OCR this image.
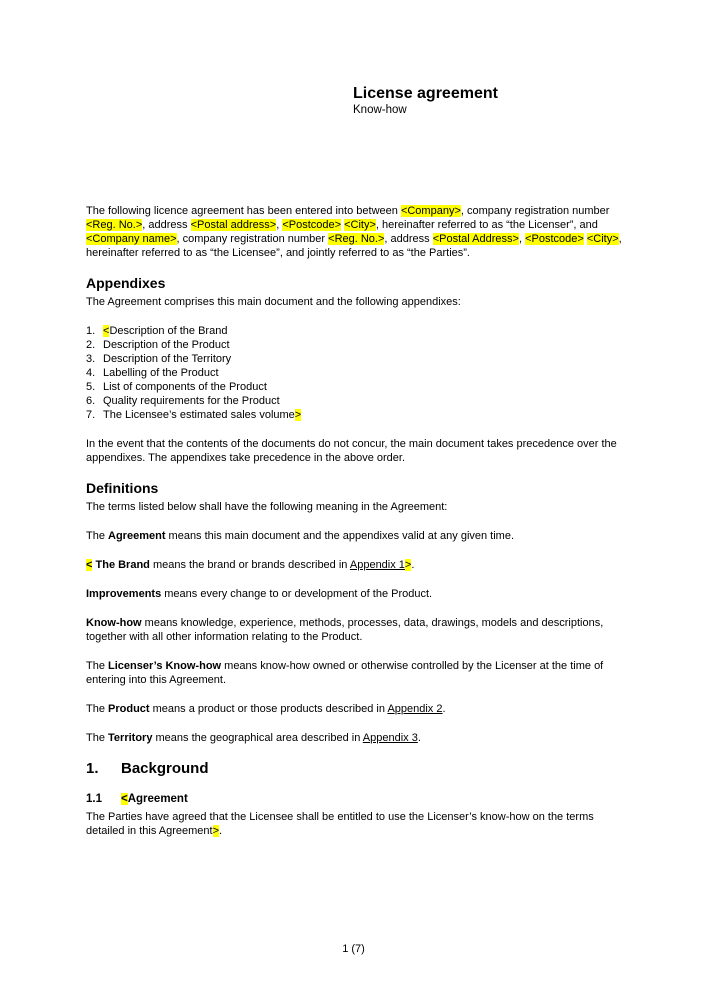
License agreement
Know-how

The following licence agreement has been entered into between <Company>, company registration number <Reg. No.>, address <Postal address>, <Postcode> <City>, hereinafter referred to as “the Licenser”, and <Company name>, company registration number <Reg. No.>, address <Postal Address>, <Postcode> <City>, hereinafter referred to as “the Licensee”, and jointly referred to as “the Parties”.

Appendixes

The Agreement comprises this main document and the following appendixes:

1. <Description of the Brand
2. Description of the Product
3. Description of the Territory
4. Labelling of the Product
5. List of components of the Product
6. Quality requirements for the Product
7. The Licensee’s estimated sales volume>

In the event that the contents of the documents do not concur, the main document takes precedence over the appendixes. The appendixes take precedence in the above order.

Definitions

The terms listed below shall have the following meaning in the Agreement:

The Agreement means this main document and the appendixes valid at any given time.

< The Brand means the brand or brands described in Appendix 1>.

Improvements means every change to or development of the Product.

Know-how means knowledge, experience, methods, processes, data, drawings, models and descriptions, together with all other information relating to the Product.

The Licenser’s Know-how means know-how owned or otherwise controlled by the Licenser at the time of entering into this Agreement.

The Product means a product or those products described in Appendix 2.

The Territory means the geographical area described in Appendix 3.

1.	Background
1.1	<Agreement

The Parties have agreed that the Licensee shall be entitled to use the Licenser’s know-how on the terms detailed in this Agreement>.

1 (7)
